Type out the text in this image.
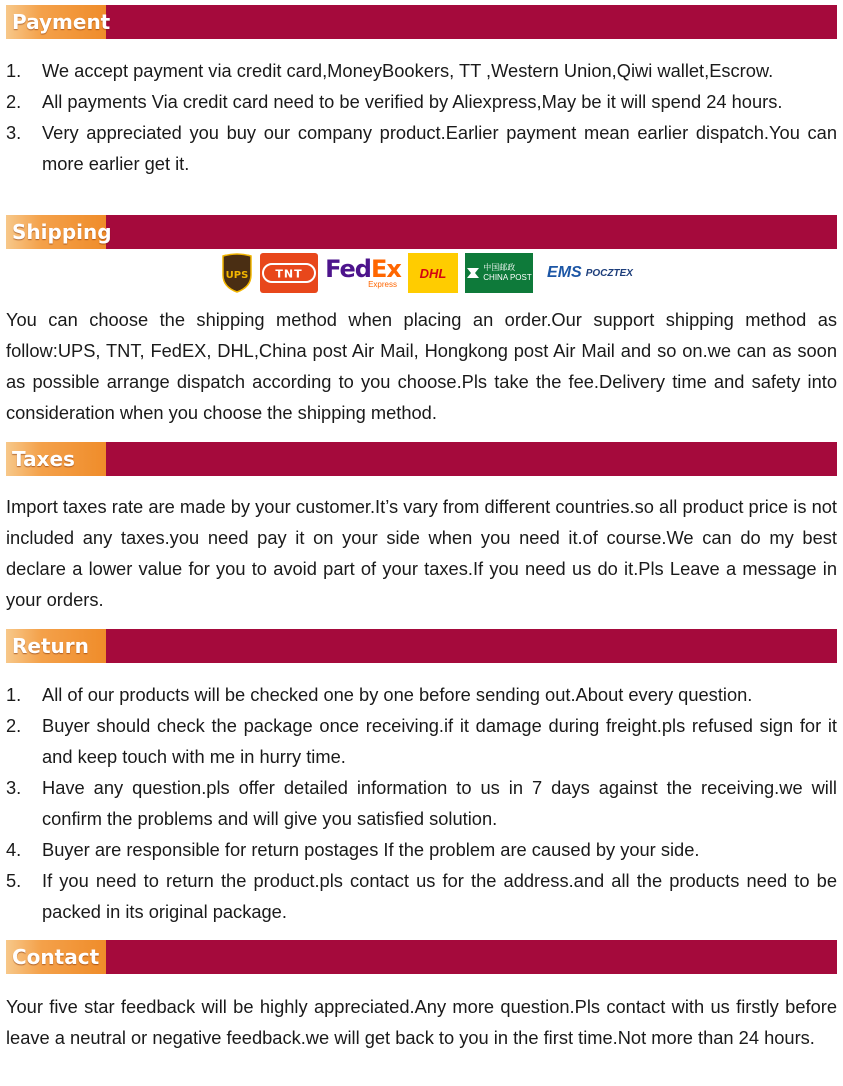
Payment
1. We accept payment via credit card,MoneyBookers, TT ,Western Union,Qiwi wallet,Escrow.
2. All payments Via credit card need to be verified by Aliexpress,May be it will spend 24 hours.
3. Very appreciated you buy our company product.Earlier payment mean earlier dispatch.You can more earlier get it.
Shipping
UPS TNT FedEx
Express
DHL	中国邮政
CHINA POST EMS POCZTEX

You can choose the shipping method when placing an order.Our support shipping method as follow:UPS, TNT, FedEX, DHL,China post Air Mail, Hongkong post Air Mail and so on.we can as soon as possible arrange dispatch according to you choose.Pls take the fee.Delivery time and safety into consideration when you choose the shipping method.

Taxes

Import taxes rate are made by your customer.It’s vary from different countries.so all product price is not included any taxes.you need pay it on your side when you need it.of course.We can do my best declare a lower value for you to avoid part of your taxes.If you need us do it.Pls Leave a message in your orders.

Return
1. All of our products will be checked one by one before sending out.About every question.
2. Buyer should check the package once receiving.if it damage during freight.pls refused sign for it and keep touch with me in hurry time.
3. Have any question.pls offer detailed information to us in 7 days against the receiving.we will confirm the problems and will give you satisfied solution.
4. Buyer are responsible for return postages If the problem are caused by your side.
5. If you need to return the product.pls contact us for the address.and all the products need to be packed in its original package.
Contact

Your five star feedback will be highly appreciated.Any more question.Pls contact with us firstly before leave a neutral or negative feedback.we will get back to you in the first time.Not more than 24 hours.
